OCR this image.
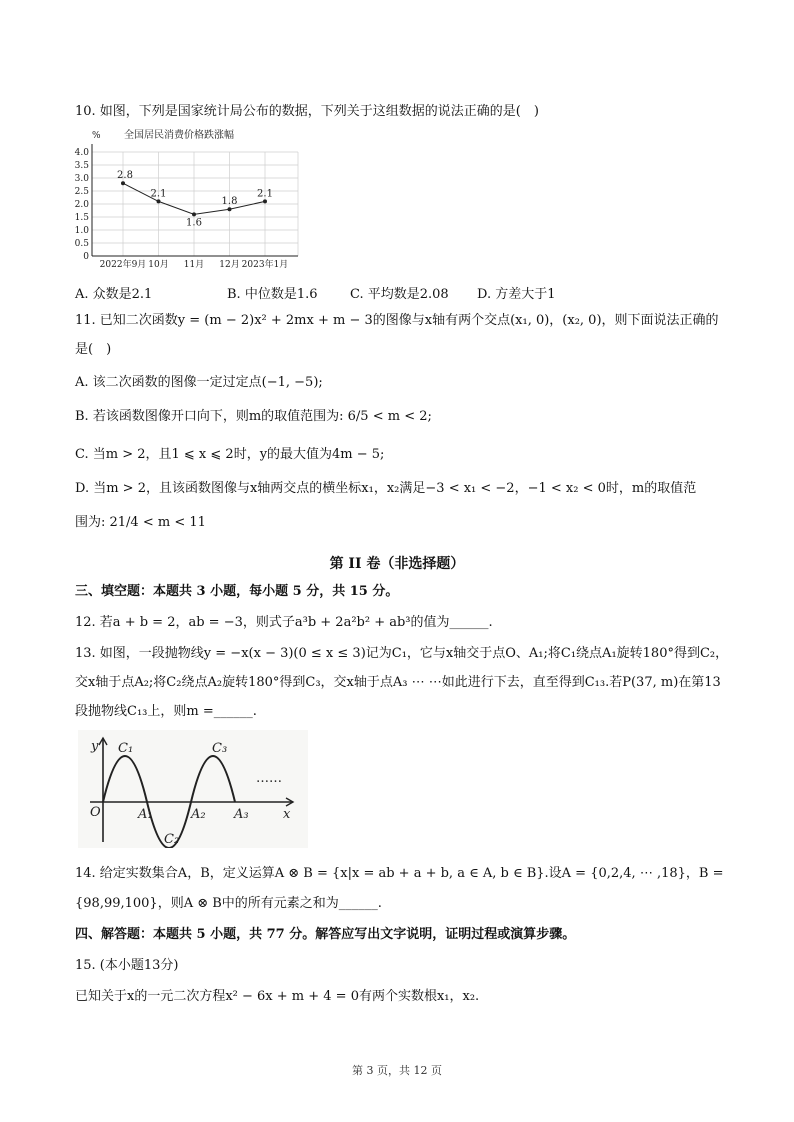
10. 如图，下列是国家统计局公布的数据，下列关于这组数据的说法正确的是(　)
0
0.5
1.0
1.5
2.0
2.5
3.0
3.5
4.0
2022年9月 10月 11月 12月 2023年1月
2.8
2.1
1.6
1.8
2.1
全国居民消费价格跌涨幅
%
A. 众数是2.1	B. 中位数是1.6	C. 平均数是2.08 D. 方差大于1
11. 已知二次函数y = (m − 2)x² + 2mx + m − 3的图像与x轴有两个交点(x₁, 0)，(x₂, 0)，则下面说法正确的
是(　)
A. 该二次函数的图像一定过定点(−1, −5);
B. 若该函数图像开口向下，则m的取值范围为: 6/5 < m < 2;
C. 当m > 2，且1 ⩽ x ⩽ 2时，y的最大值为4m − 5;
D. 当m > 2，且该函数图像与x轴两交点的横坐标x₁，x₂满足−3 < x₁ < −2，−1 < x₂ < 0时，m的取值范
围为: 21/4 < m < 11
第 II 卷（非选择题）
三、填空题：本题共 3 小题，每小题 5 分，共 15 分。
12. 若a + b = 2，ab = −3，则式子a³b + 2a²b² + ab³的值为______.
13. 如图，一段抛物线y = −x(x − 3)(0 ≤ x ≤ 3)记为C₁，它与x轴交于点O、A₁;将C₁绕点A₁旋转180°得到C₂，
交x轴于点A₂;将C₂绕点A₂旋转180°得到C₃，交x轴于点A₃ ⋯ ⋯如此进行下去，直至得到C₁₃.若P(37, m)在第13
段抛物线C₁₃上，则m =______.
y
x
O
C₁
C₂
C₃
A₁	A₂ A₃
……
14. 给定实数集合A，B，定义运算A ⊗ B = {x|x = ab + a + b, a ∈ A, b ∈ B}.设A = {0,2,4, ⋯ ,18}，B =
{98,99,100}，则A ⊗ B中的所有元素之和为______.
四、解答题：本题共 5 小题，共 77 分。解答应写出文字说明，证明过程或演算步骤。
15. (本小题13分)
已知关于x的一元二次方程x² − 6x + m + 4 = 0有两个实数根x₁，x₂.
第 3 页，共 12 页
